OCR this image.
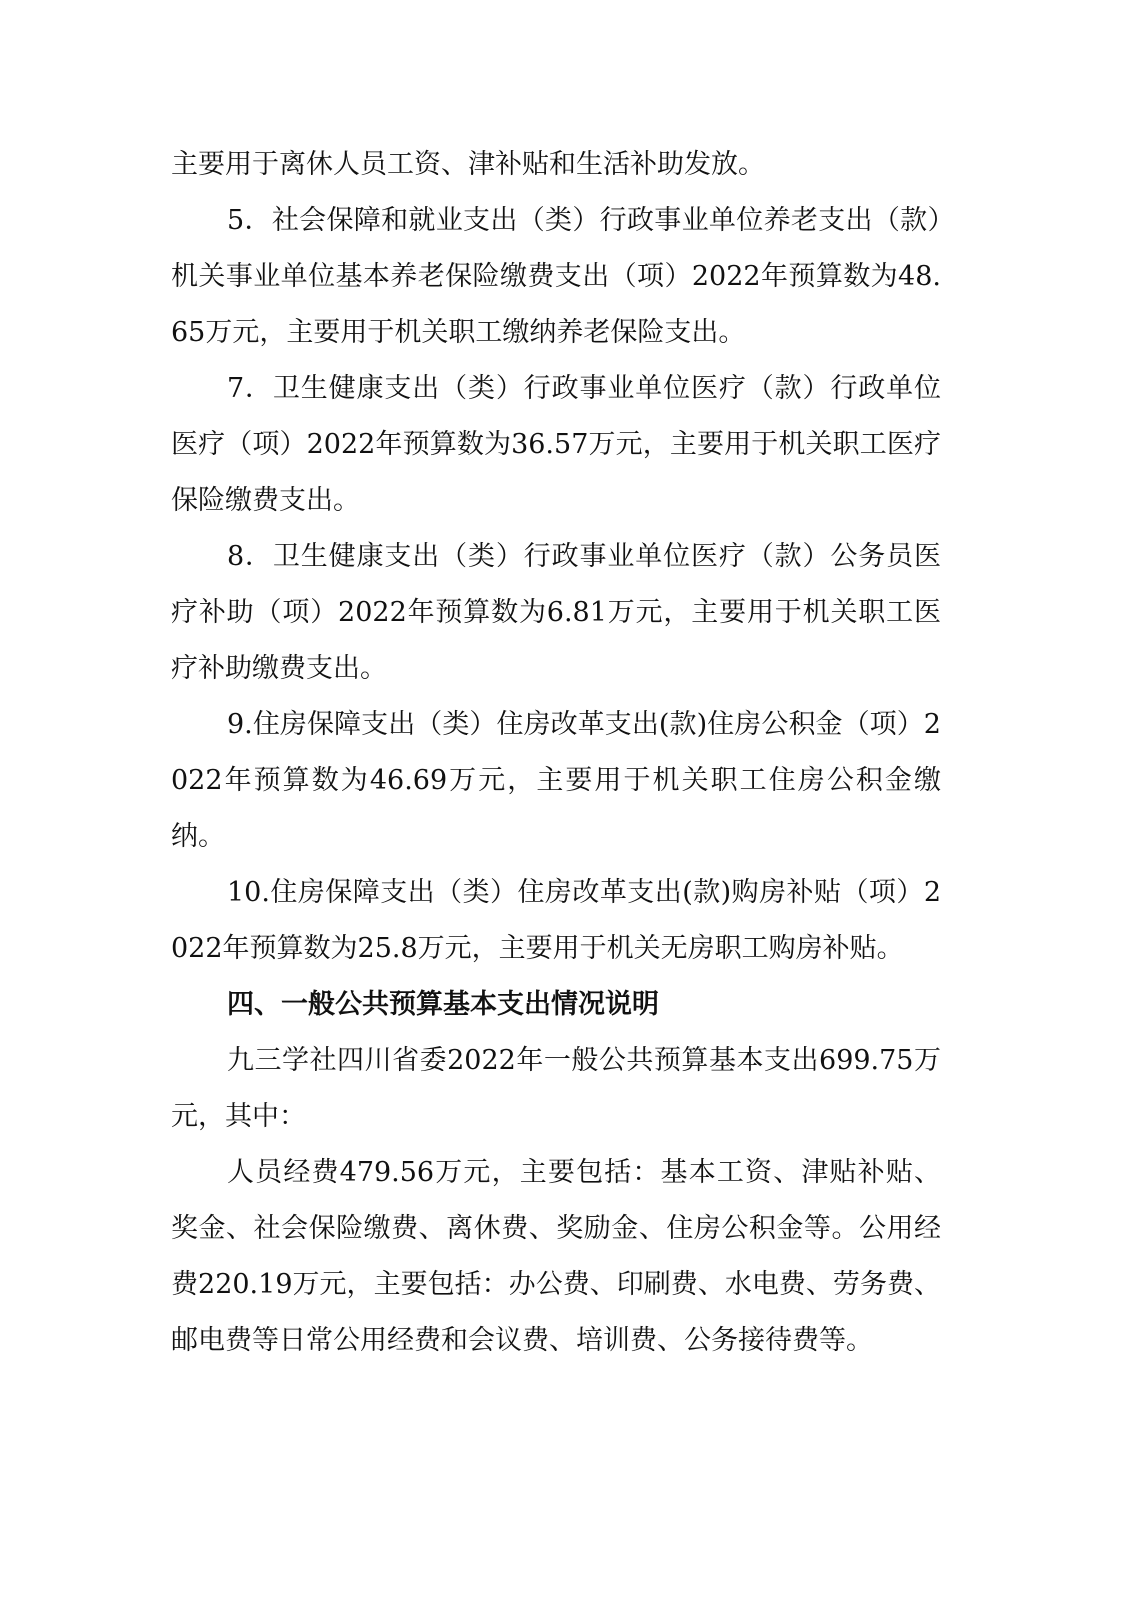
主要用于离休人员工资、津补贴和生活补助发放。

5．社会保障和就业支出（类）行政事业单位养老支出（款）机关事业单位基本养老保险缴费支出（项）2022年预算数为48.65万元，主要用于机关职工缴纳养老保险支出。

7．卫生健康支出（类）行政事业单位医疗（款）行政单位医疗（项）2022年预算数为36.57万元，主要用于机关职工医疗保险缴费支出。

8．卫生健康支出（类）行政事业单位医疗（款）公务员医疗补助（项）2022年预算数为6.81万元，主要用于机关职工医疗补助缴费支出。

9.住房保障支出（类）住房改革支出(款)住房公积金（项）2022年预算数为46.69万元，主要用于机关职工住房公积金缴纳。

10.住房保障支出（类）住房改革支出(款)购房补贴（项）2022年预算数为25.8万元，主要用于机关无房职工购房补贴。

四、一般公共预算基本支出情况说明

九三学社四川省委2022年一般公共预算基本支出699.75万元，其中：

人员经费479.56万元，主要包括：基本工资、津贴补贴、奖金、社会保险缴费、离休费、奖励金、住房公积金等。公用经费220.19万元，主要包括：办公费、印刷费、水电费、劳务费、邮电费等日常公用经费和会议费、培训费、公务接待费等。
